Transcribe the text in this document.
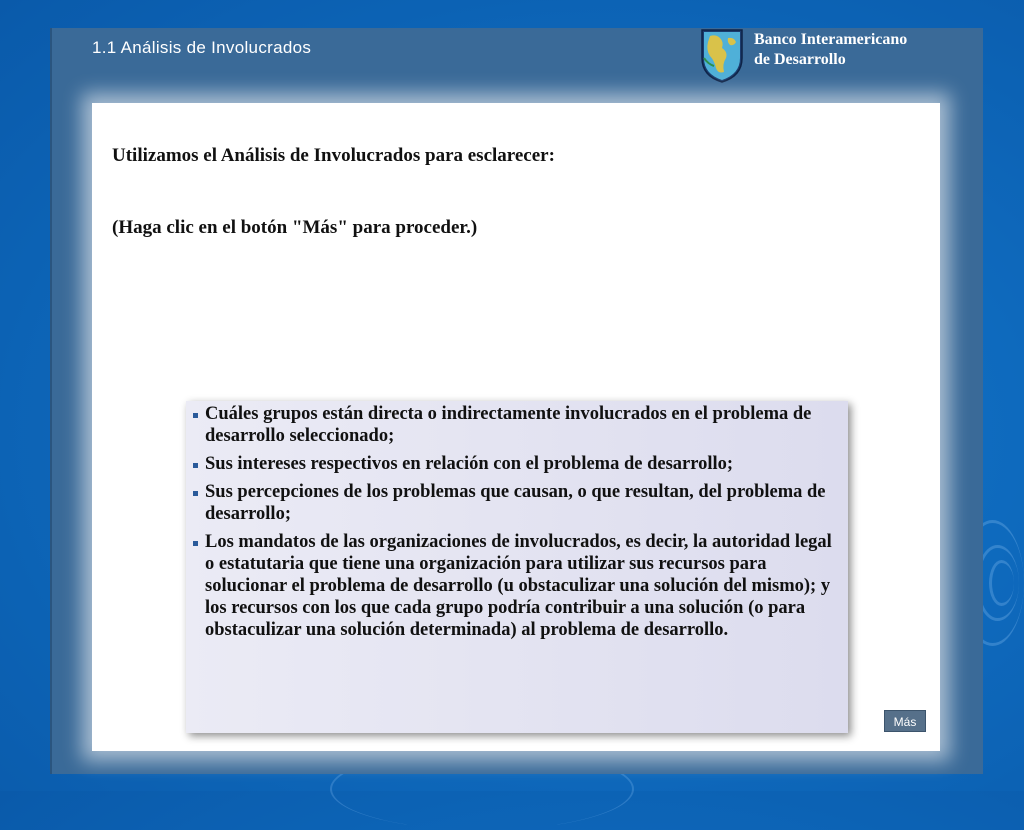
1.1 Análisis de Involucrados	Banco Interamericano
de Desarrollo

Utilizamos el Análisis de Involucrados para esclarecer:

(Haga clic en el botón "Más" para proceder.)

Cuáles grupos están directa o indirectamente involucrados en el problema de desarrollo seleccionado;
Sus intereses respectivos en relación con el problema de desarrollo;
Sus percepciones de los problemas que causan, o que resultan, del problema de desarrollo;
Los mandatos de las organizaciones de involucrados, es decir, la autoridad legal o estatutaria que tiene una organización para utilizar sus recursos para solucionar el problema de desarrollo (u obstaculizar una solución del mismo); y los recursos con los que cada grupo podría contribuir a una solución (o para obstaculizar una solución determinada) al problema de desarrollo.
Más
